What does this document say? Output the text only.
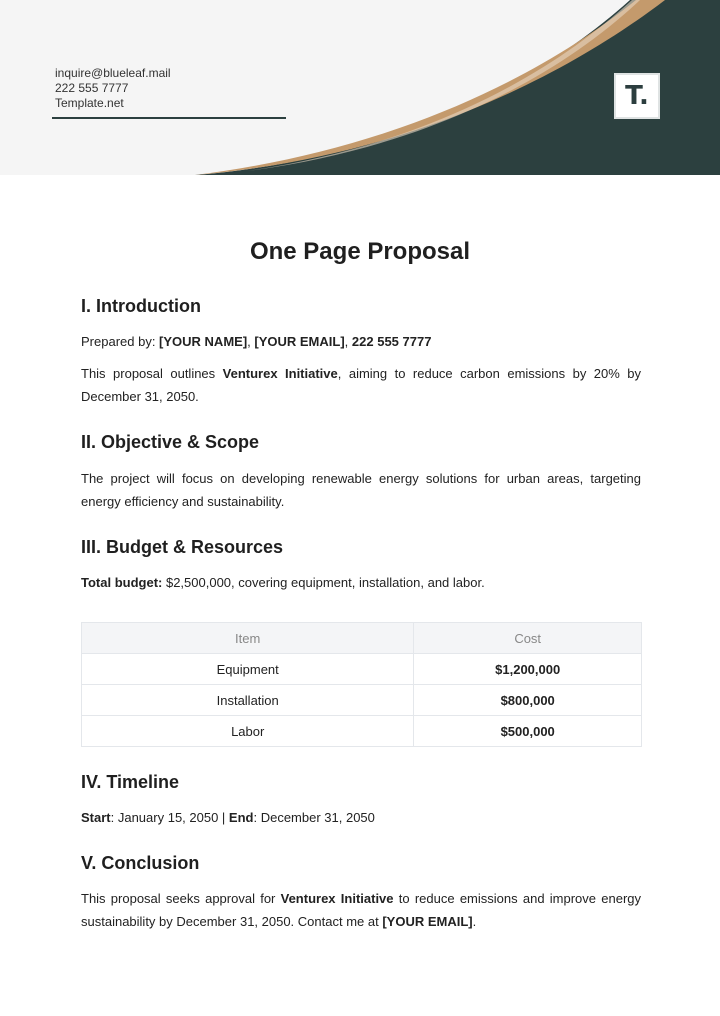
inquire@blueleaf.mail
222 555 7777
Template.net	T.
One Page Proposal
I. Introduction

Prepared by: [YOUR NAME], [YOUR EMAIL], 222 555 7777

This proposal outlines Venturex Initiative, aiming to reduce carbon emissions by 20% by December 31, 2050.

II. Objective & Scope

The project will focus on developing renewable energy solutions for urban areas, targeting energy efficiency and sustainability.

III. Budget & Resources

Total budget: $2,500,000, covering equipment, installation, and labor.

Item	Cost
Equipment	$1,200,000
Installation	$800,000
Labor	$500,000
IV. Timeline

Start: January 15, 2050 | End: December 31, 2050

V. Conclusion

This proposal seeks approval for Venturex Initiative to reduce emissions and improve energy sustainability by December 31, 2050. Contact me at [YOUR EMAIL].
